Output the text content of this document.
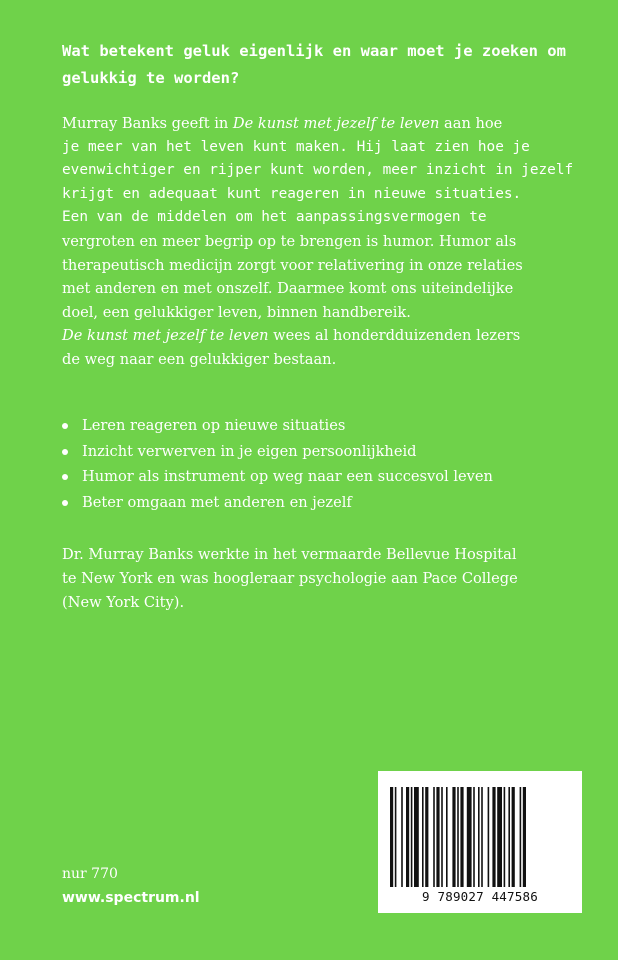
Wat betekent geluk eigenlijk en waar moet je zoeken om gelukkig te worden?

Murray Banks geeft in De kunst met jezelf te leven aan hoe
je meer van het leven kunt maken. Hij laat zien hoe je
evenwichtiger en rijper kunt worden, meer inzicht in jezelf
krijgt en adequaat kunt reageren in nieuwe situaties.
Een van de middelen om het aanpassingsvermogen te
vergroten en meer begrip op te brengen is humor. Humor als
therapeutisch medicijn zorgt voor relativering in onze relaties
met anderen en met onszelf. Daarmee komt ons uiteindelijke
doel, een gelukkiger leven, binnen handbereik.
De kunst met jezelf te leven wees al honderdduizenden lezers
de weg naar een gelukkiger bestaan.
Leren reageren op nieuwe situaties
Inzicht verwerven in je eigen persoonlijkheid
Humor als instrument op weg naar een succesvol leven
Beter omgaan met anderen en jezelf
Dr. Murray Banks werkte in het vermaarde Bellevue Hospital
te New York en was hoogleraar psychologie aan Pace College
(New York City).
nur 770
www.spectrum.nl	9 789027 447586
